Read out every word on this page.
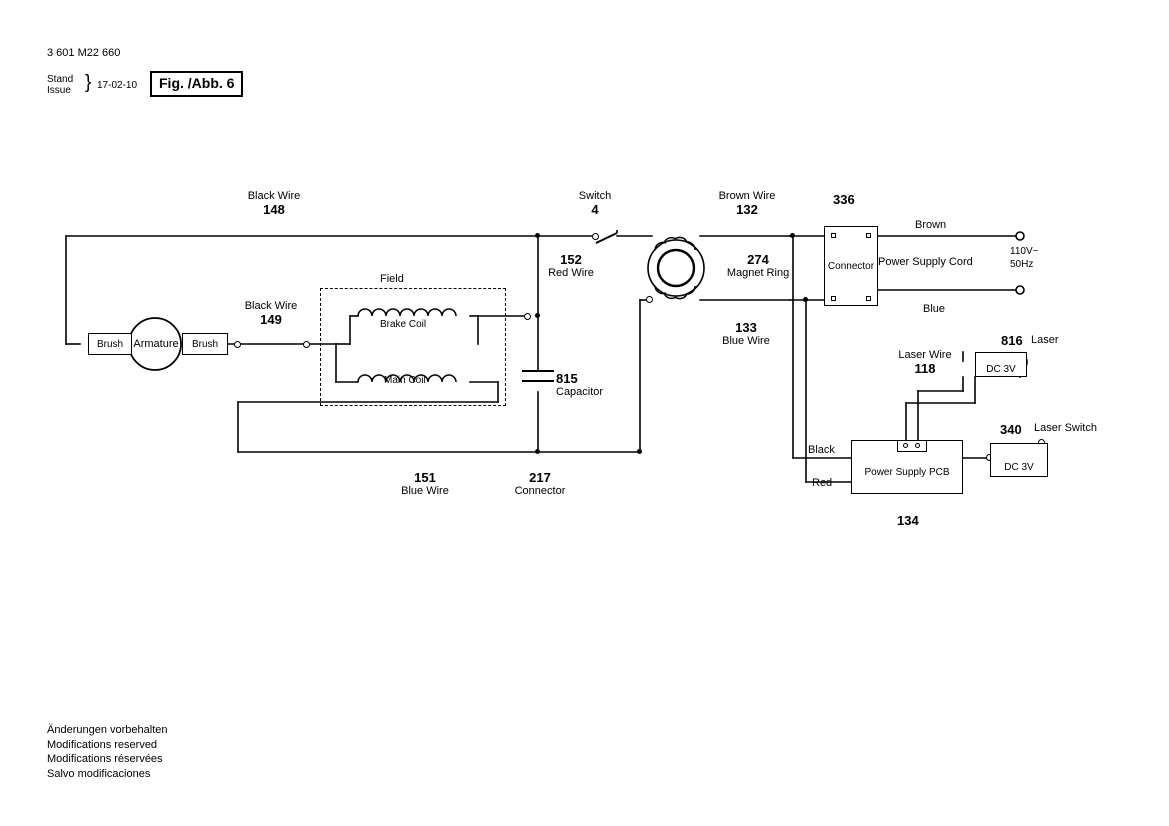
3 601 M22 660
Stand
Issue } 17-02-10	Fig. /Abb. 6
Änderungen vorbehalten
Modifications reserved
Modifications réservées
Salvo modificaciones
Brush	Brush
Armature
Field
Brake Coil
Main Coil
Connector Power Supply Cord
Power Supply PCB
DC 3V
DC 3V
Black Wire
148
Black Wire
149
Switch
4
152
Red Wire
Brown Wire
132
133
Blue Wire
274
Magnet Ring
336
815
Capacitor
151
Blue Wire
217
Connector
Laser Wire
118
816 Laser
340 Laser Switch
134
Brown
Blue
Black
Red
110V~
50Hz
